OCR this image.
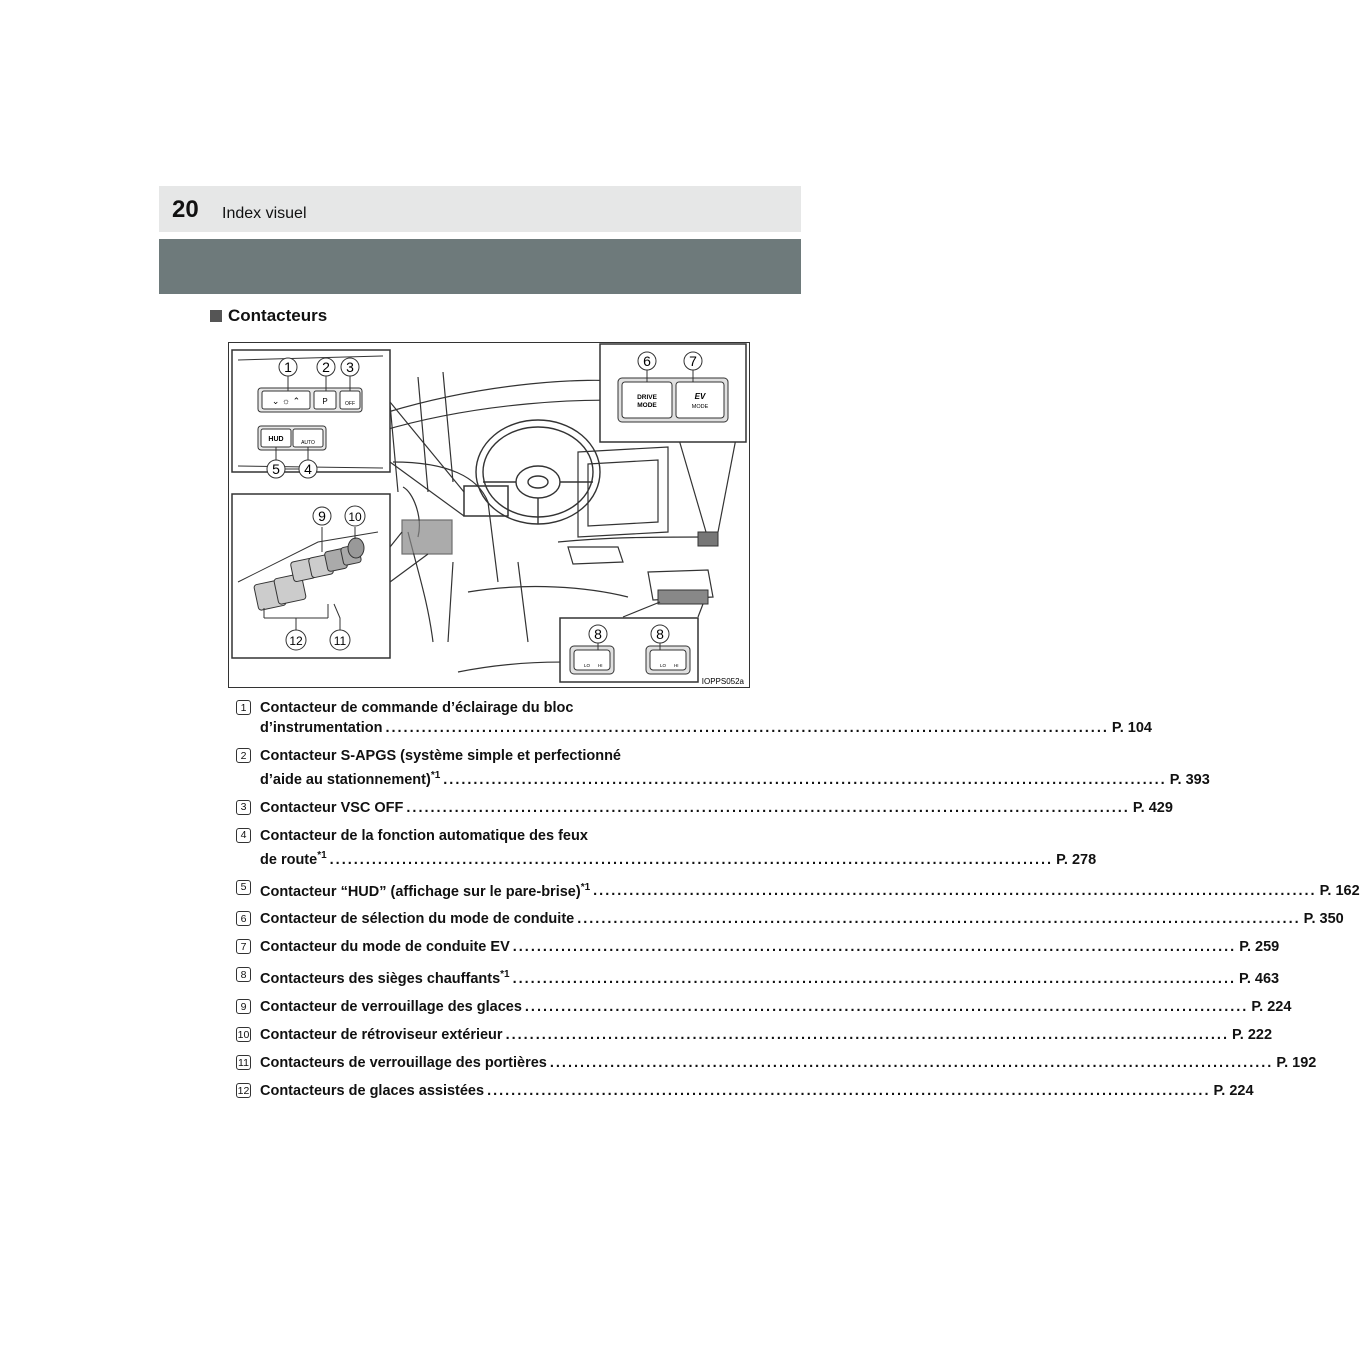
20 Index visuel
Contacteurs
⌄ ☼ ⌃	P	OFF
HUD	AUTO
DRIVE
MODE
EV
MODE
LO HI	LO HI
1 2 3
4
5
6	7
8	8
9 10
11
12
IOPPS052a
1 Contacteur de commande d’éclairage du bloc
d’instrumentation ........................................................................................................................ P. 104
2 Contacteur S-APGS (système simple et perfectionné
d’aide au stationnement)$^{*1}$ ........................................................................................................................ P. 393
3 Contacteur VSC OFF ........................................................................................................................ P. 429
4 Contacteur de la fonction automatique des feux
de route$^{*1}$ ........................................................................................................................ P. 278
5 Contacteur “HUD” (affichage sur le pare-brise)$^{*1}$ ........................................................................................................................ P. 162
6 Contacteur de sélection du mode de conduite ........................................................................................................................ P. 350
7 Contacteur du mode de conduite EV ........................................................................................................................ P. 259
8 Contacteurs des sièges chauffants$^{*1}$ ........................................................................................................................ P. 463
9 Contacteur de verrouillage des glaces ........................................................................................................................ P. 224
10 Contacteur de rétroviseur extérieur ........................................................................................................................ P. 222
11 Contacteurs de verrouillage des portières ........................................................................................................................ P. 192
12 Contacteurs de glaces assistées ........................................................................................................................ P. 224
